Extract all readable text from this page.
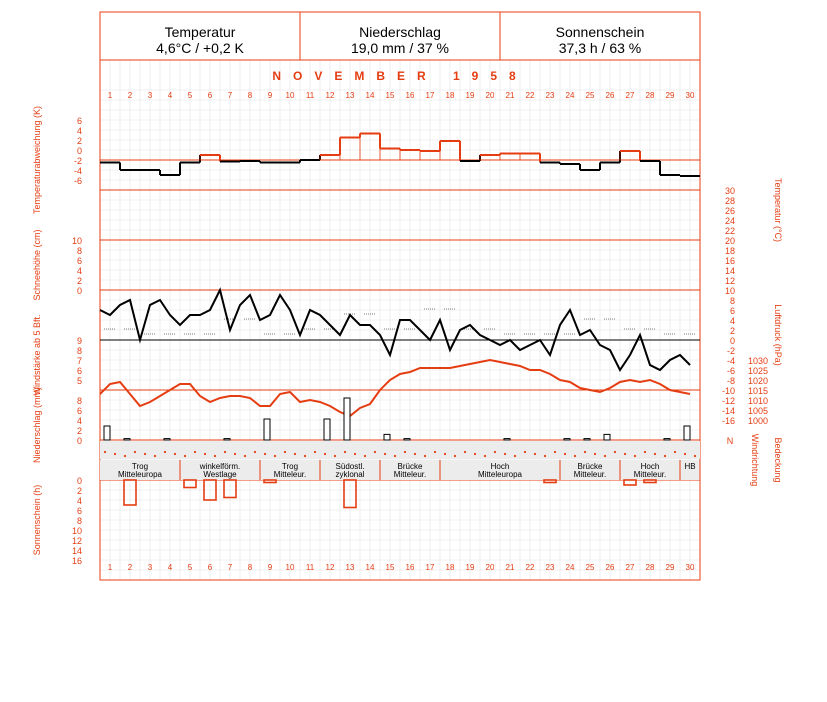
Temperatur
4,6°C / +0,2 K
Niederschlag
19,0 mm / 37 %
Sonnenschein
37,3 h / 63 %
NOVEMBER 1958
1 2 3 4 5 6 7 8 9 10 11 12 13 14 15 16 17 18 19 20 21 22 23 24 25 26 27 28 29 30
1 2 3 4 5 6 7 8 9 10 11 12 13 14 15 16 17 18 19 20 21 22 23 24 25 26 27 28 29 30
6
4
2
0
-2
-4
-6
10
8
6
4
2
0
9
8
7
6
5
8
6
4
2
0
0
2
4
6
8
10
12
14
16
30
28
26
24
22
20
18
16
14
12
10
8
6
4
2
0
-2
-4
-6
-8
-10
-12
-14
-16
1030
1025
1020
1015
1010
1005
1000
N
Temperaturabweichung (K)
Schneehöhe (cm)
Windstärke ab 5 Bft.
Niederschlag (mm)
Sonnenschein (h)
Temperatur (°C)
Luftdruck (hPa)
Windrichtung Bedeckung
Trog
Mitteleuropa
winkelförm.
Westlage
Trog
Mitteleur.
Südostl.
zyklonal
Brücke
Mitteleur.
Hoch
Mitteleuropa
Brücke
Mitteleur.
Hoch
Mitteleur.
HB
